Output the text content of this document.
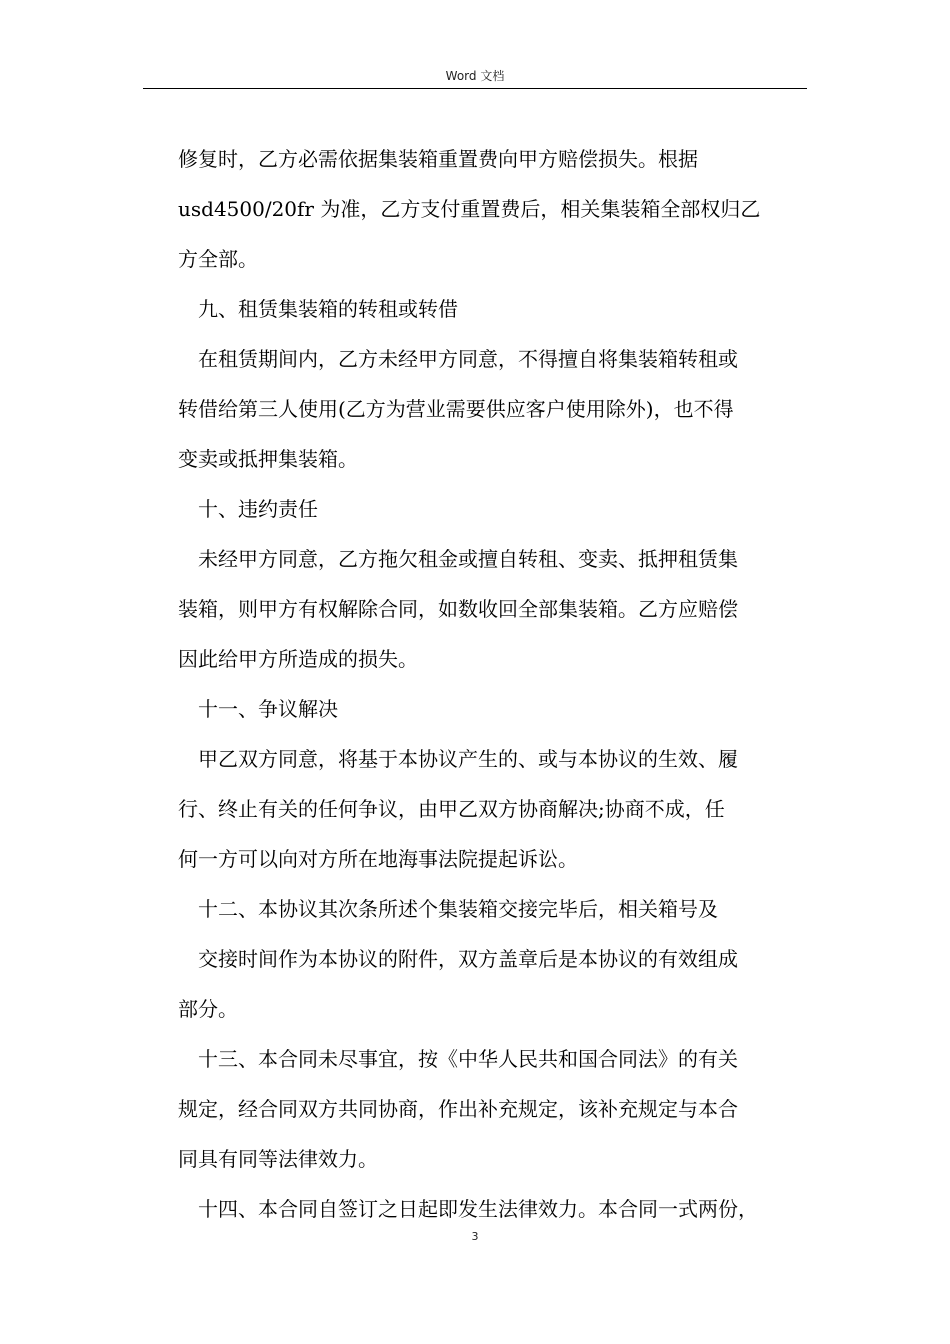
Word 文档
修复时，乙方必需依据集装箱重置费向甲方赔偿损失。根据
usd4500/20fr 为准，乙方支付重置费后，相关集装箱全部权归乙
方全部。
九、租赁集装箱的转租或转借
在租赁期间内，乙方未经甲方同意，不得擅自将集装箱转租或
转借给第三人使用(乙方为营业需要供应客户使用除外)，也不得
变卖或抵押集装箱。
十、违约责任
未经甲方同意，乙方拖欠租金或擅自转租、变卖、抵押租赁集
装箱，则甲方有权解除合同，如数收回全部集装箱。乙方应赔偿
因此给甲方所造成的损失。
十一、争议解决
甲乙双方同意，将基于本协议产生的、或与本协议的生效、履
行、终止有关的任何争议，由甲乙双方协商解决;协商不成，任
何一方可以向对方所在地海事法院提起诉讼。
十二、本协议其次条所述个集装箱交接完毕后，相关箱号及
交接时间作为本协议的附件，双方盖章后是本协议的有效组成
部分。
十三、本合同未尽事宜，按《中华人民共和国合同法》的有关
规定，经合同双方共同协商，作出补充规定，该补充规定与本合
同具有同等法律效力。
十四、本合同自签订之日起即发生法律效力。本合同一式两份，
3
